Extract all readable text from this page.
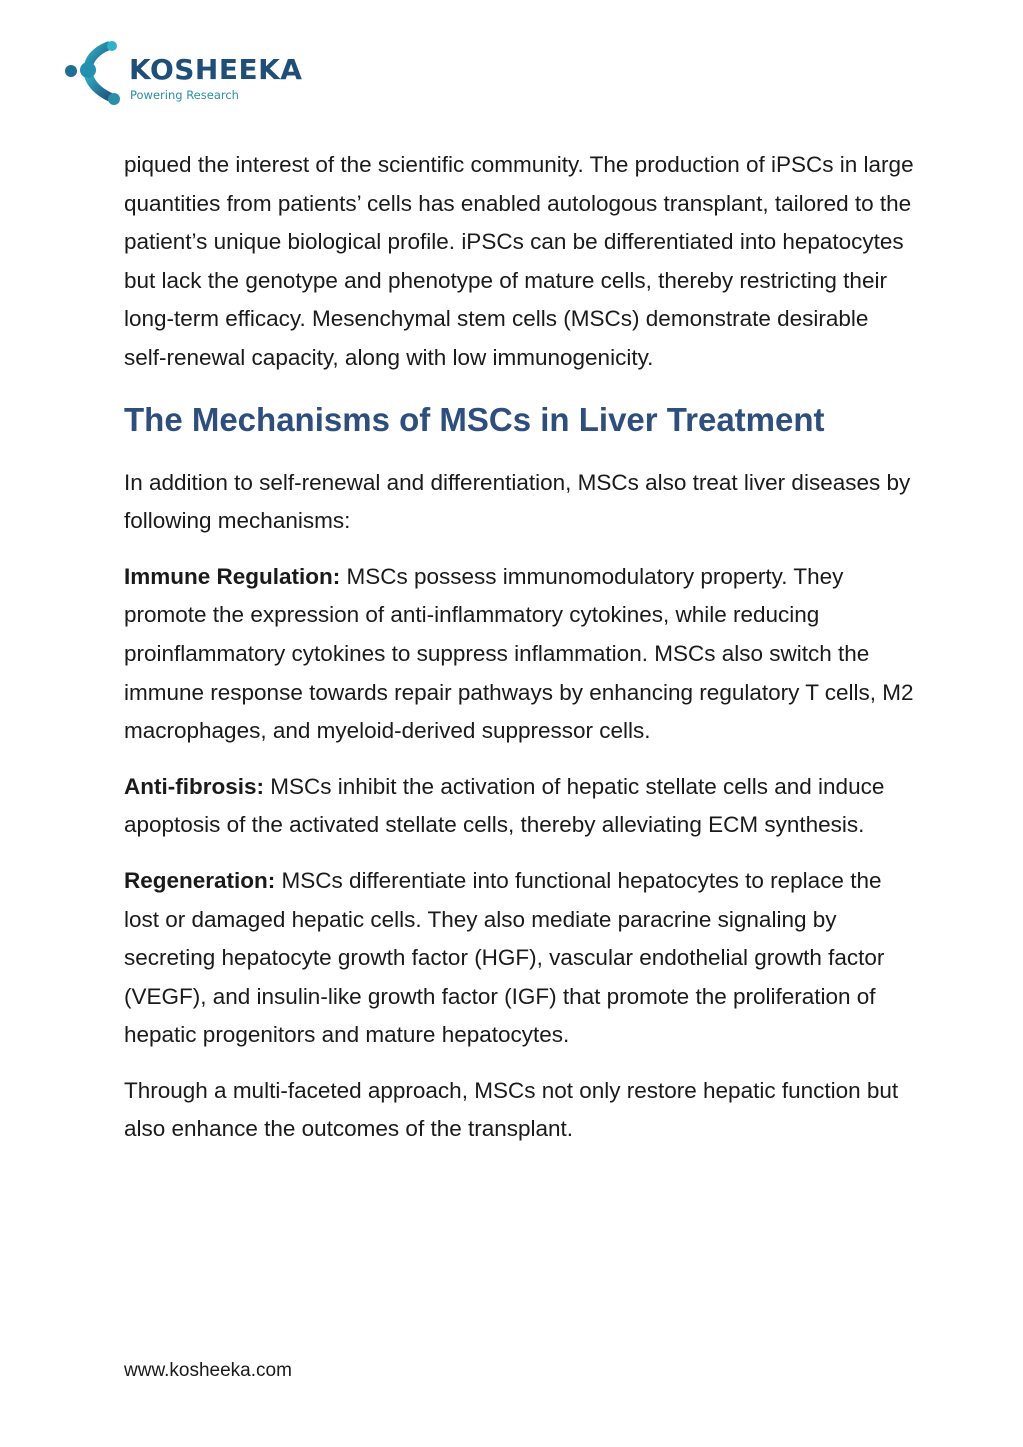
KOSHEEKA
Powering Research

piqued the interest of the scientific community. The production of iPSCs in large quantities from patients’ cells has enabled autologous transplant, tailored to the patient’s unique biological profile. iPSCs can be differentiated into hepatocytes but lack the genotype and phenotype of mature cells, thereby restricting their long-term efficacy. Mesenchymal stem cells (MSCs) demonstrate desirable self-renewal capacity, along with low immunogenicity.

The Mechanisms of MSCs in Liver Treatment

In addition to self-renewal and differentiation, MSCs also treat liver diseases by following mechanisms:

Immune Regulation: MSCs possess immunomodulatory property. They promote the expression of anti-inflammatory cytokines, while reducing proinflammatory cytokines to suppress inflammation. MSCs also switch the immune response towards repair pathways by enhancing regulatory T cells, M2 macrophages, and myeloid-derived suppressor cells.

Anti-fibrosis: MSCs inhibit the activation of hepatic stellate cells and induce apoptosis of the activated stellate cells, thereby alleviating ECM synthesis.

Regeneration: MSCs differentiate into functional hepatocytes to replace the lost or damaged hepatic cells. They also mediate paracrine signaling by secreting hepatocyte growth factor (HGF), vascular endothelial growth factor (VEGF), and insulin-like growth factor (IGF) that promote the proliferation of hepatic progenitors and mature hepatocytes.

Through a multi-faceted approach, MSCs not only restore hepatic function but also enhance the outcomes of the transplant.

www.kosheeka.com
